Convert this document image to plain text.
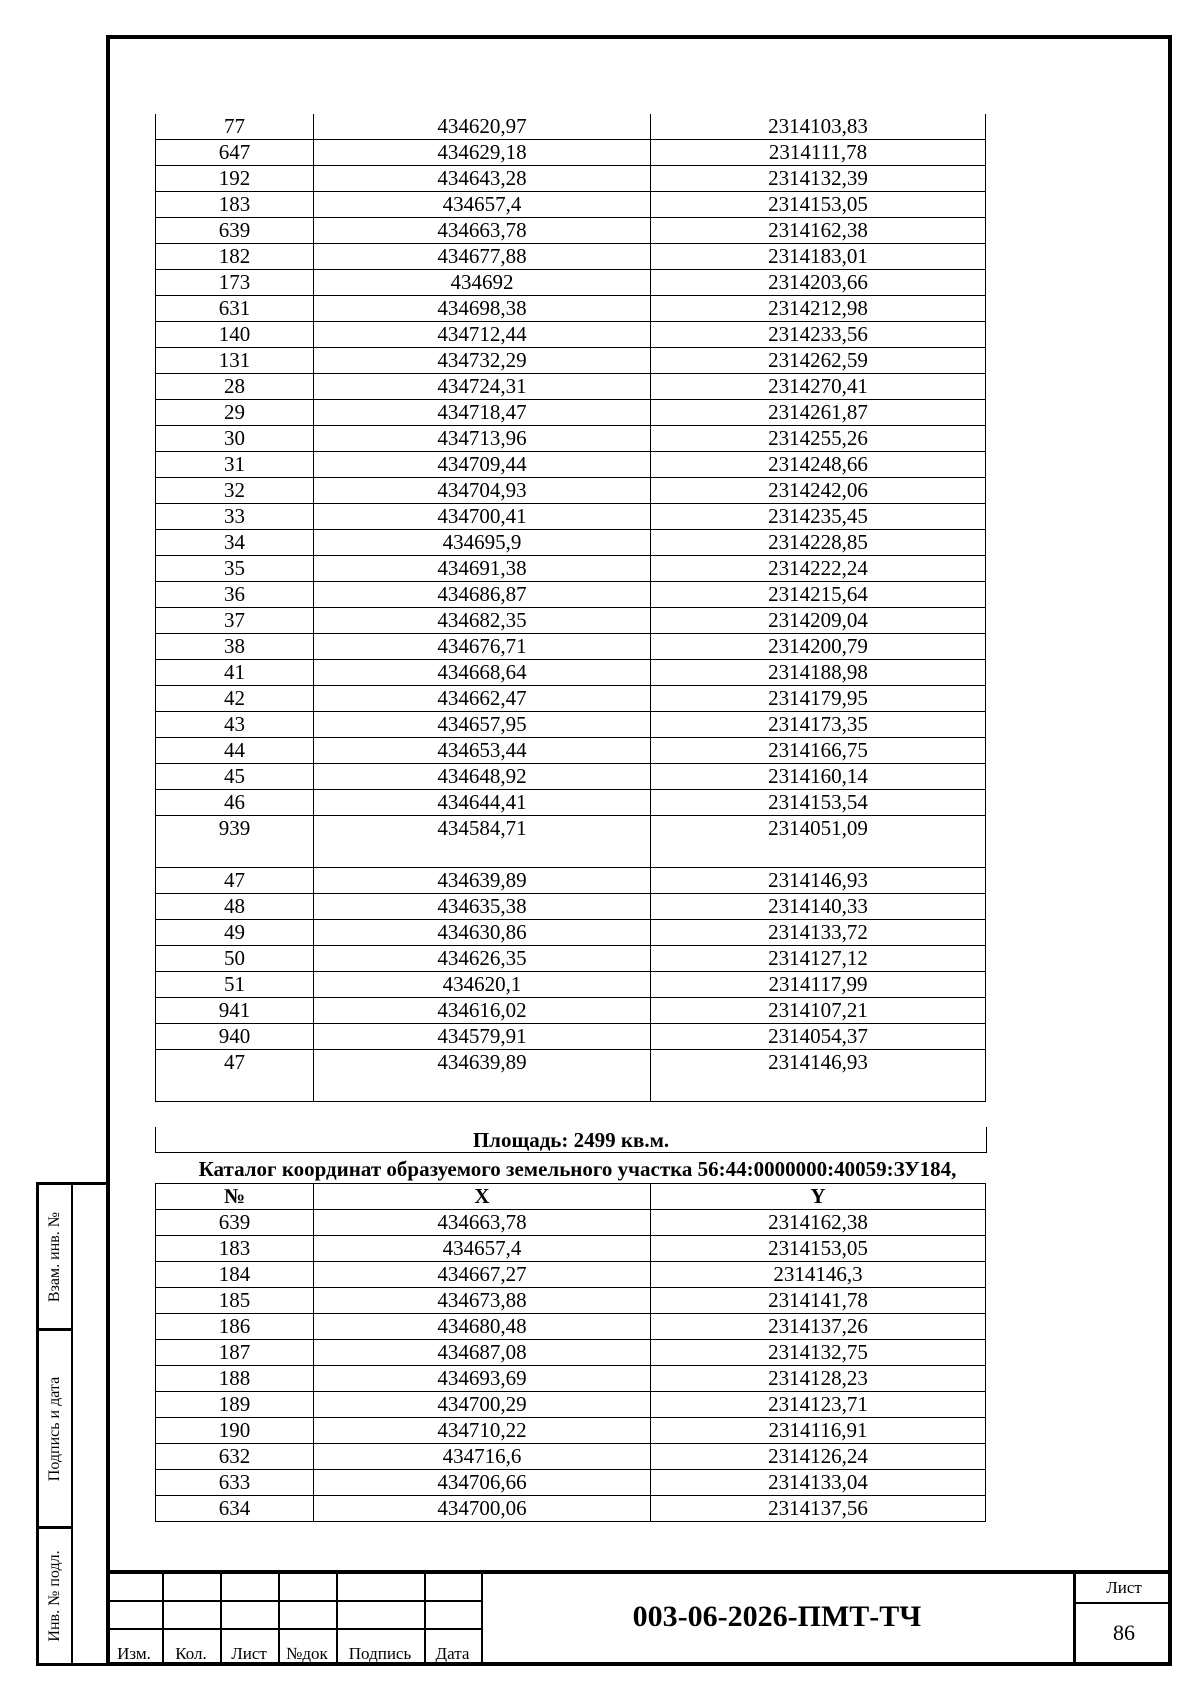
77	434620,97	2314103,83
647	434629,18	2314111,78
192	434643,28	2314132,39
183	434657,4	2314153,05
639	434663,78	2314162,38
182	434677,88	2314183,01
173	434692	2314203,66
631	434698,38	2314212,98
140	434712,44	2314233,56
131	434732,29	2314262,59
28	434724,31	2314270,41
29	434718,47	2314261,87
30	434713,96	2314255,26
31	434709,44	2314248,66
32	434704,93	2314242,06
33	434700,41	2314235,45
34	434695,9	2314228,85
35	434691,38	2314222,24
36	434686,87	2314215,64
37	434682,35	2314209,04
38	434676,71	2314200,79
41	434668,64	2314188,98
42	434662,47	2314179,95
43	434657,95	2314173,35
44	434653,44	2314166,75
45	434648,92	2314160,14
46	434644,41	2314153,54
939	434584,71	2314051,09
47	434639,89	2314146,93
48	434635,38	2314140,33
49	434630,86	2314133,72
50	434626,35	2314127,12
51	434620,1	2314117,99
941	434616,02	2314107,21
940	434579,91	2314054,37
47	434639,89	2314146,93
Площадь: 2499 кв.м.
Каталог координат образуемого земельного участка 56:44:0000000:40059:ЗУ184,
№	X	Y
639	434663,78	2314162,38
183	434657,4	2314153,05
184	434667,27	2314146,3
185	434673,88	2314141,78
186	434680,48	2314137,26
187	434687,08	2314132,75
188	434693,69	2314128,23
189	434700,29	2314123,71
190	434710,22	2314116,91
632	434716,6	2314126,24
633	434706,66	2314133,04
634	434700,06	2314137,56
Взам. инв. №
Подпись и дата
Инв. № подл.
Изм.	Кол.	Лист	№док	Подпись	Дата
003-06-2026-ПМТ-ТЧ
Лист
86
